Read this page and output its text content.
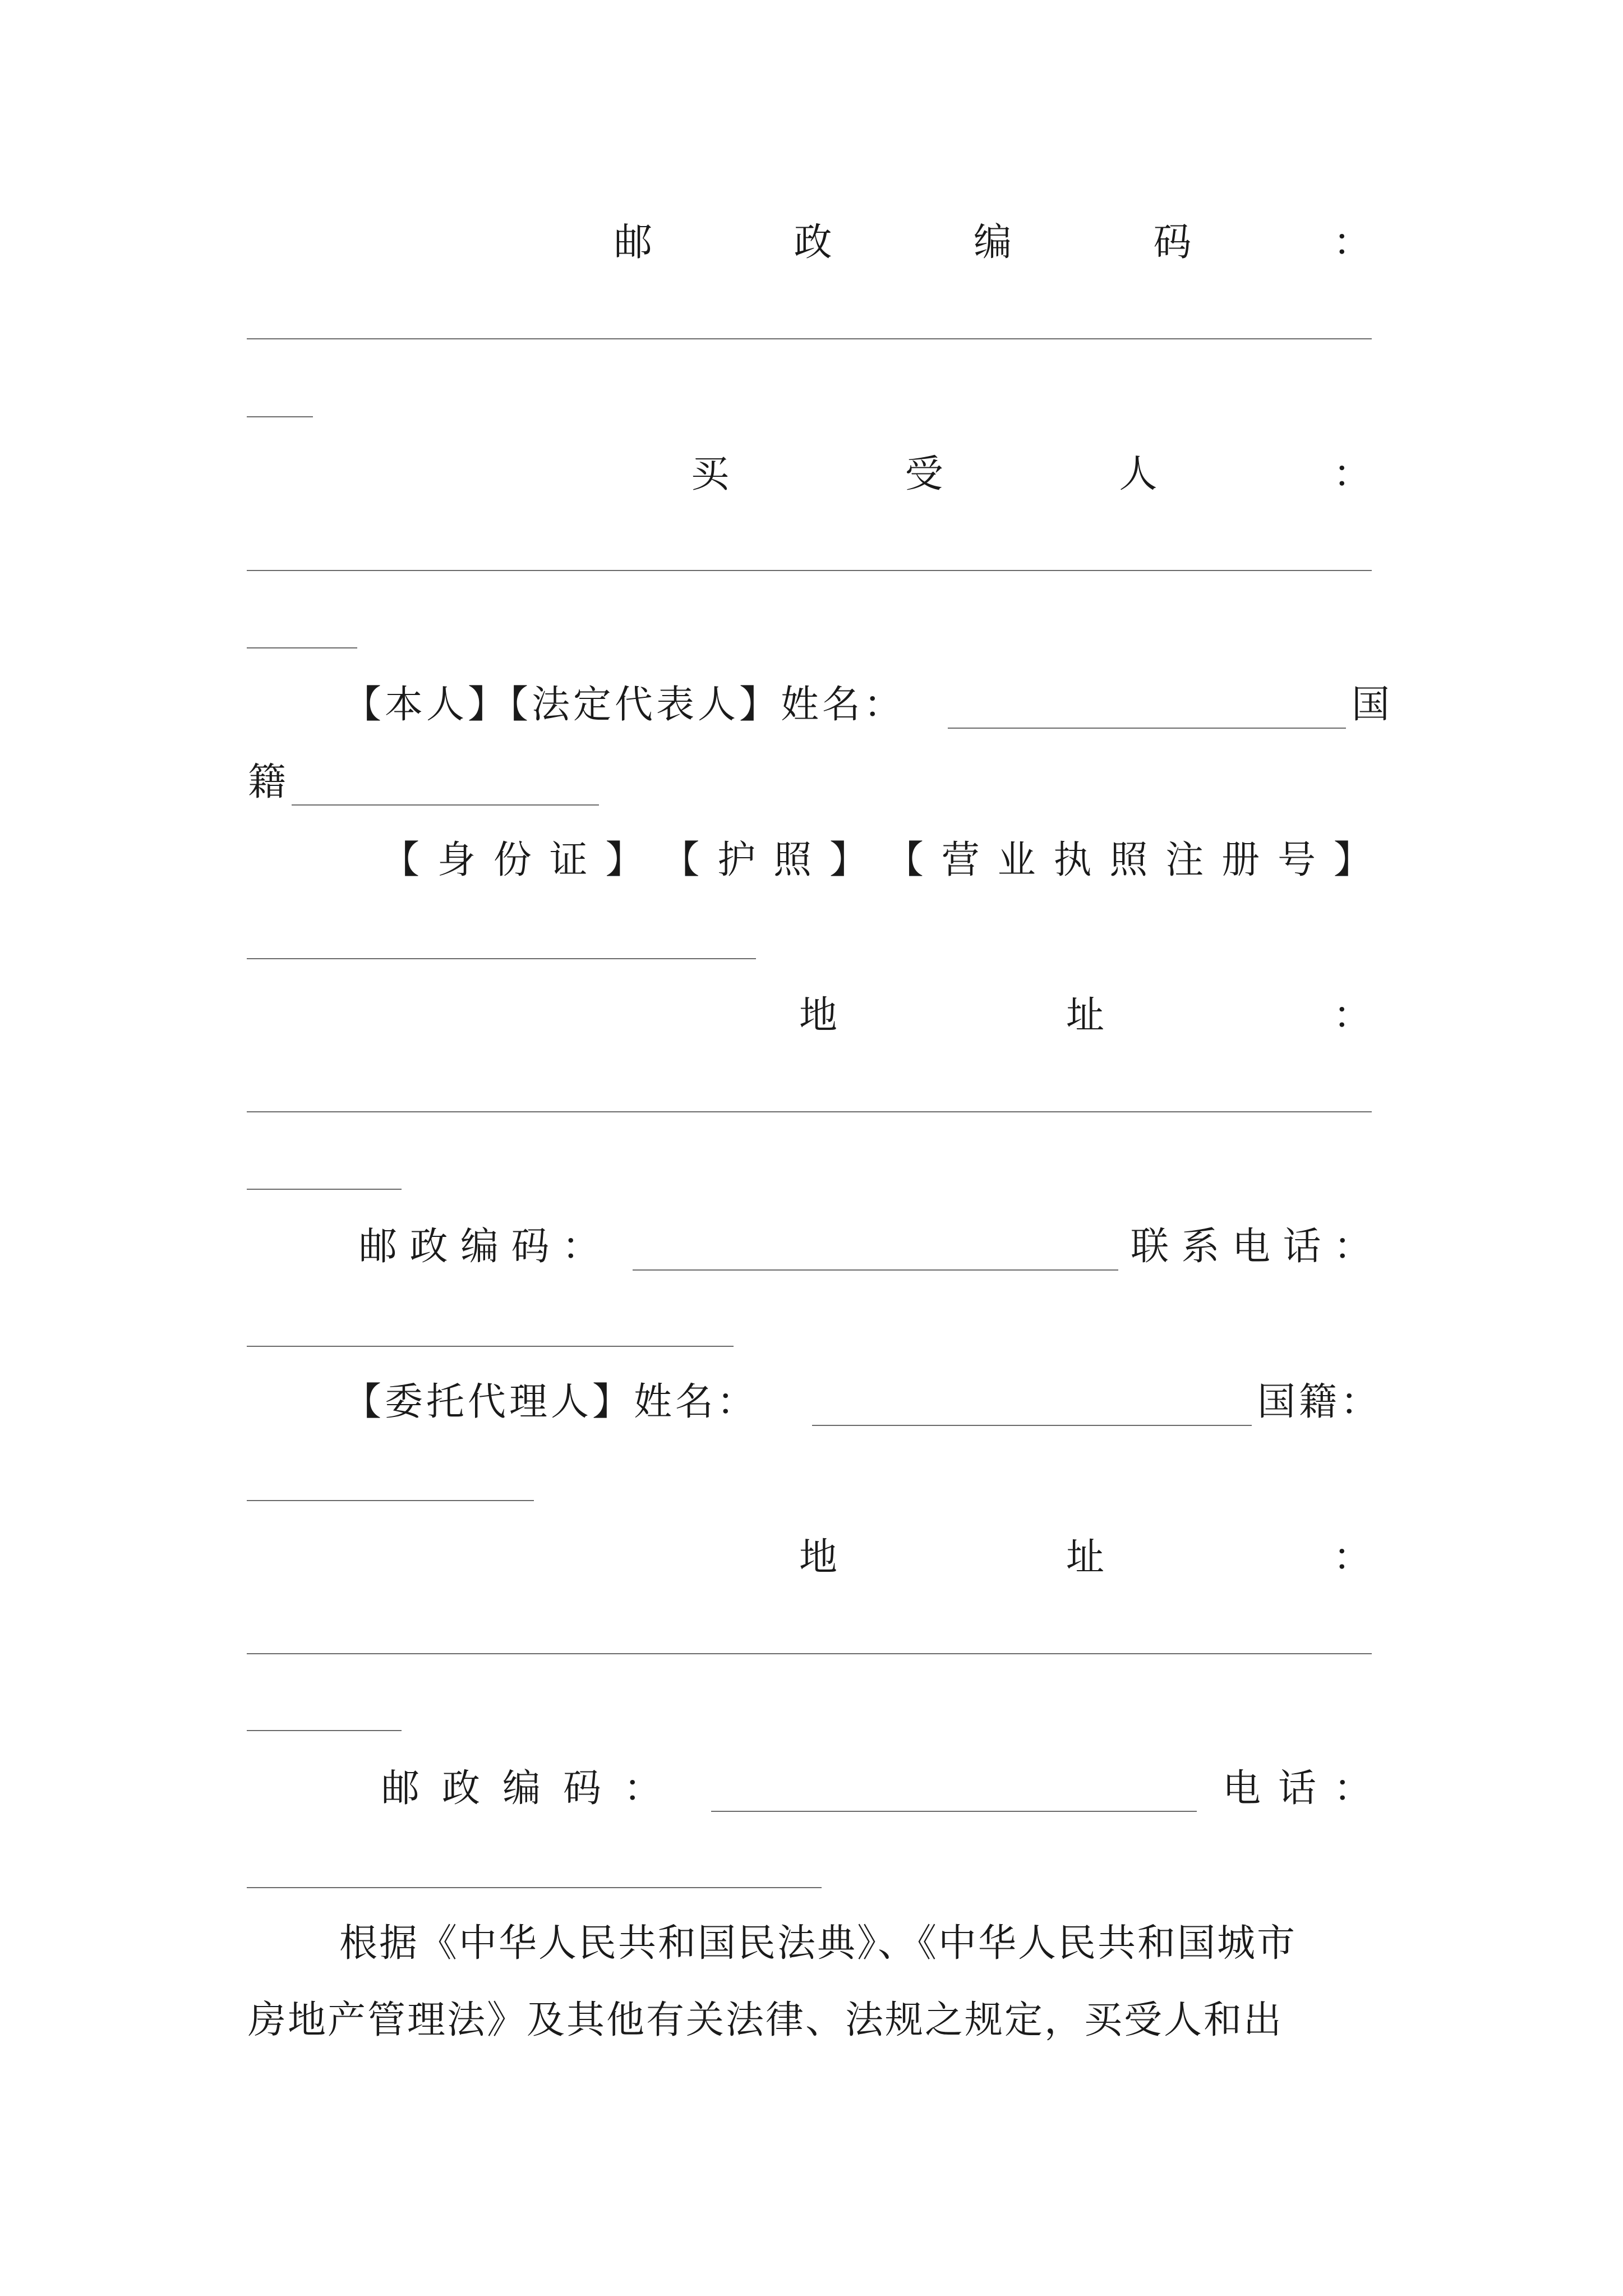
邮	政	编	码	：
买	受	人	：
【本人】【法定代表人】姓名：	国
籍
【 身 份 证 】 【 护 照 】 【 营 业 执 照 注 册 号 】
地	址	：
邮 政 编 码 ：	联 系 电 话 ：
【委托代理人】姓名：	国籍：
地	址	：
邮 政 编 码 ：	电 话 ：
根据《中华人民共和国民法典》、《中华人民共和国城市
房地产管理法》及其他有关法律、法规之规定，买受人和出
